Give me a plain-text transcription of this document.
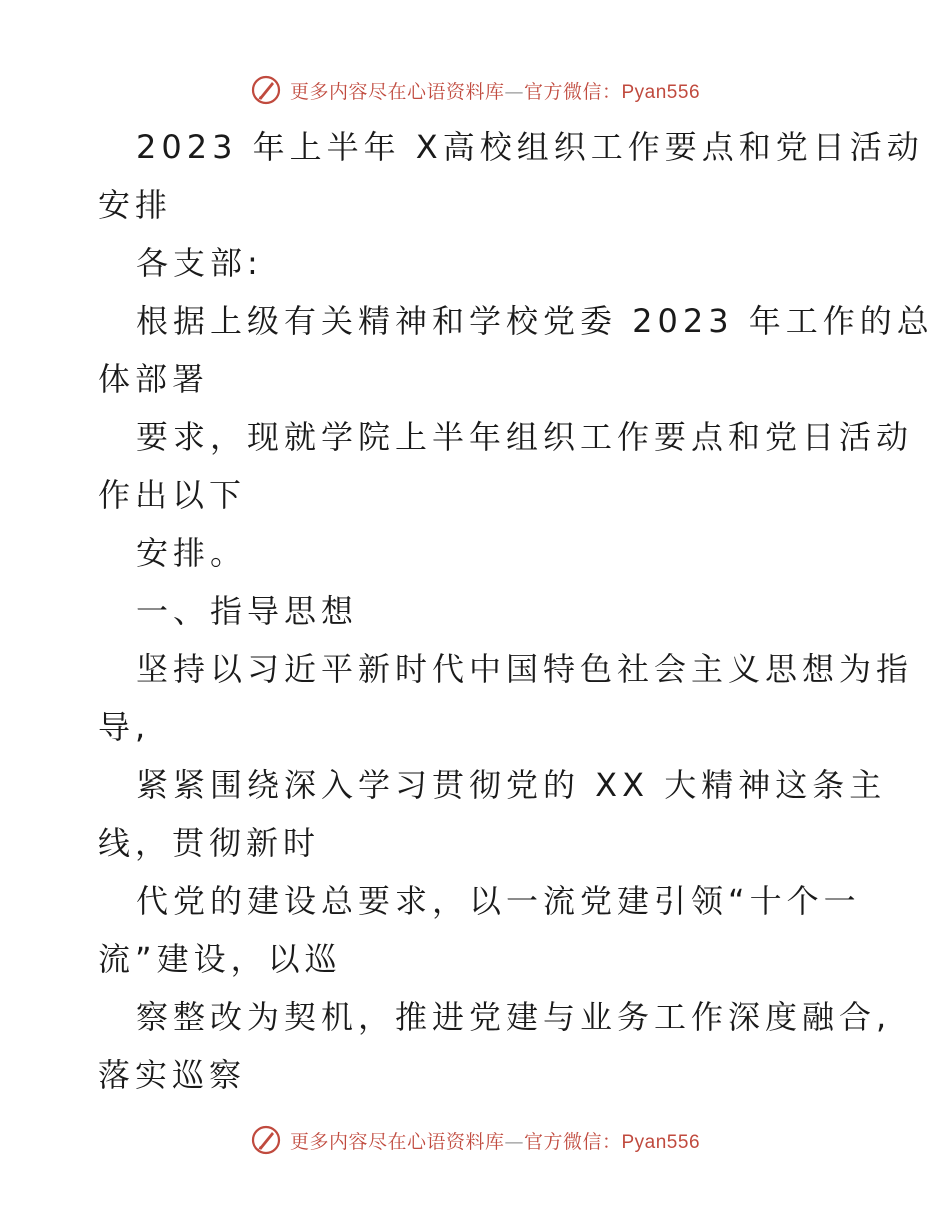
更多内容尽在心语资料库—官方微信：Pyan556

2023 年上半年 X高校组织工作要点和党日活动

安排

各支部:

根据上级有关精神和学校党委 2023 年工作的总

体部署

要求，现就学院上半年组织工作要点和党日活动

作出以下

安排。

一、指导思想

坚持以习近平新时代中国特色社会主义思想为指

导,

紧紧围绕深入学习贯彻党的 XX 大精神这条主

线，贯彻新时

代党的建设总要求，以一流党建引领“十个一

流”建设，以巡

察整改为契机，推进党建与业务工作深度融合,

落实巡察

更多内容尽在心语资料库—官方微信：Pyan556
